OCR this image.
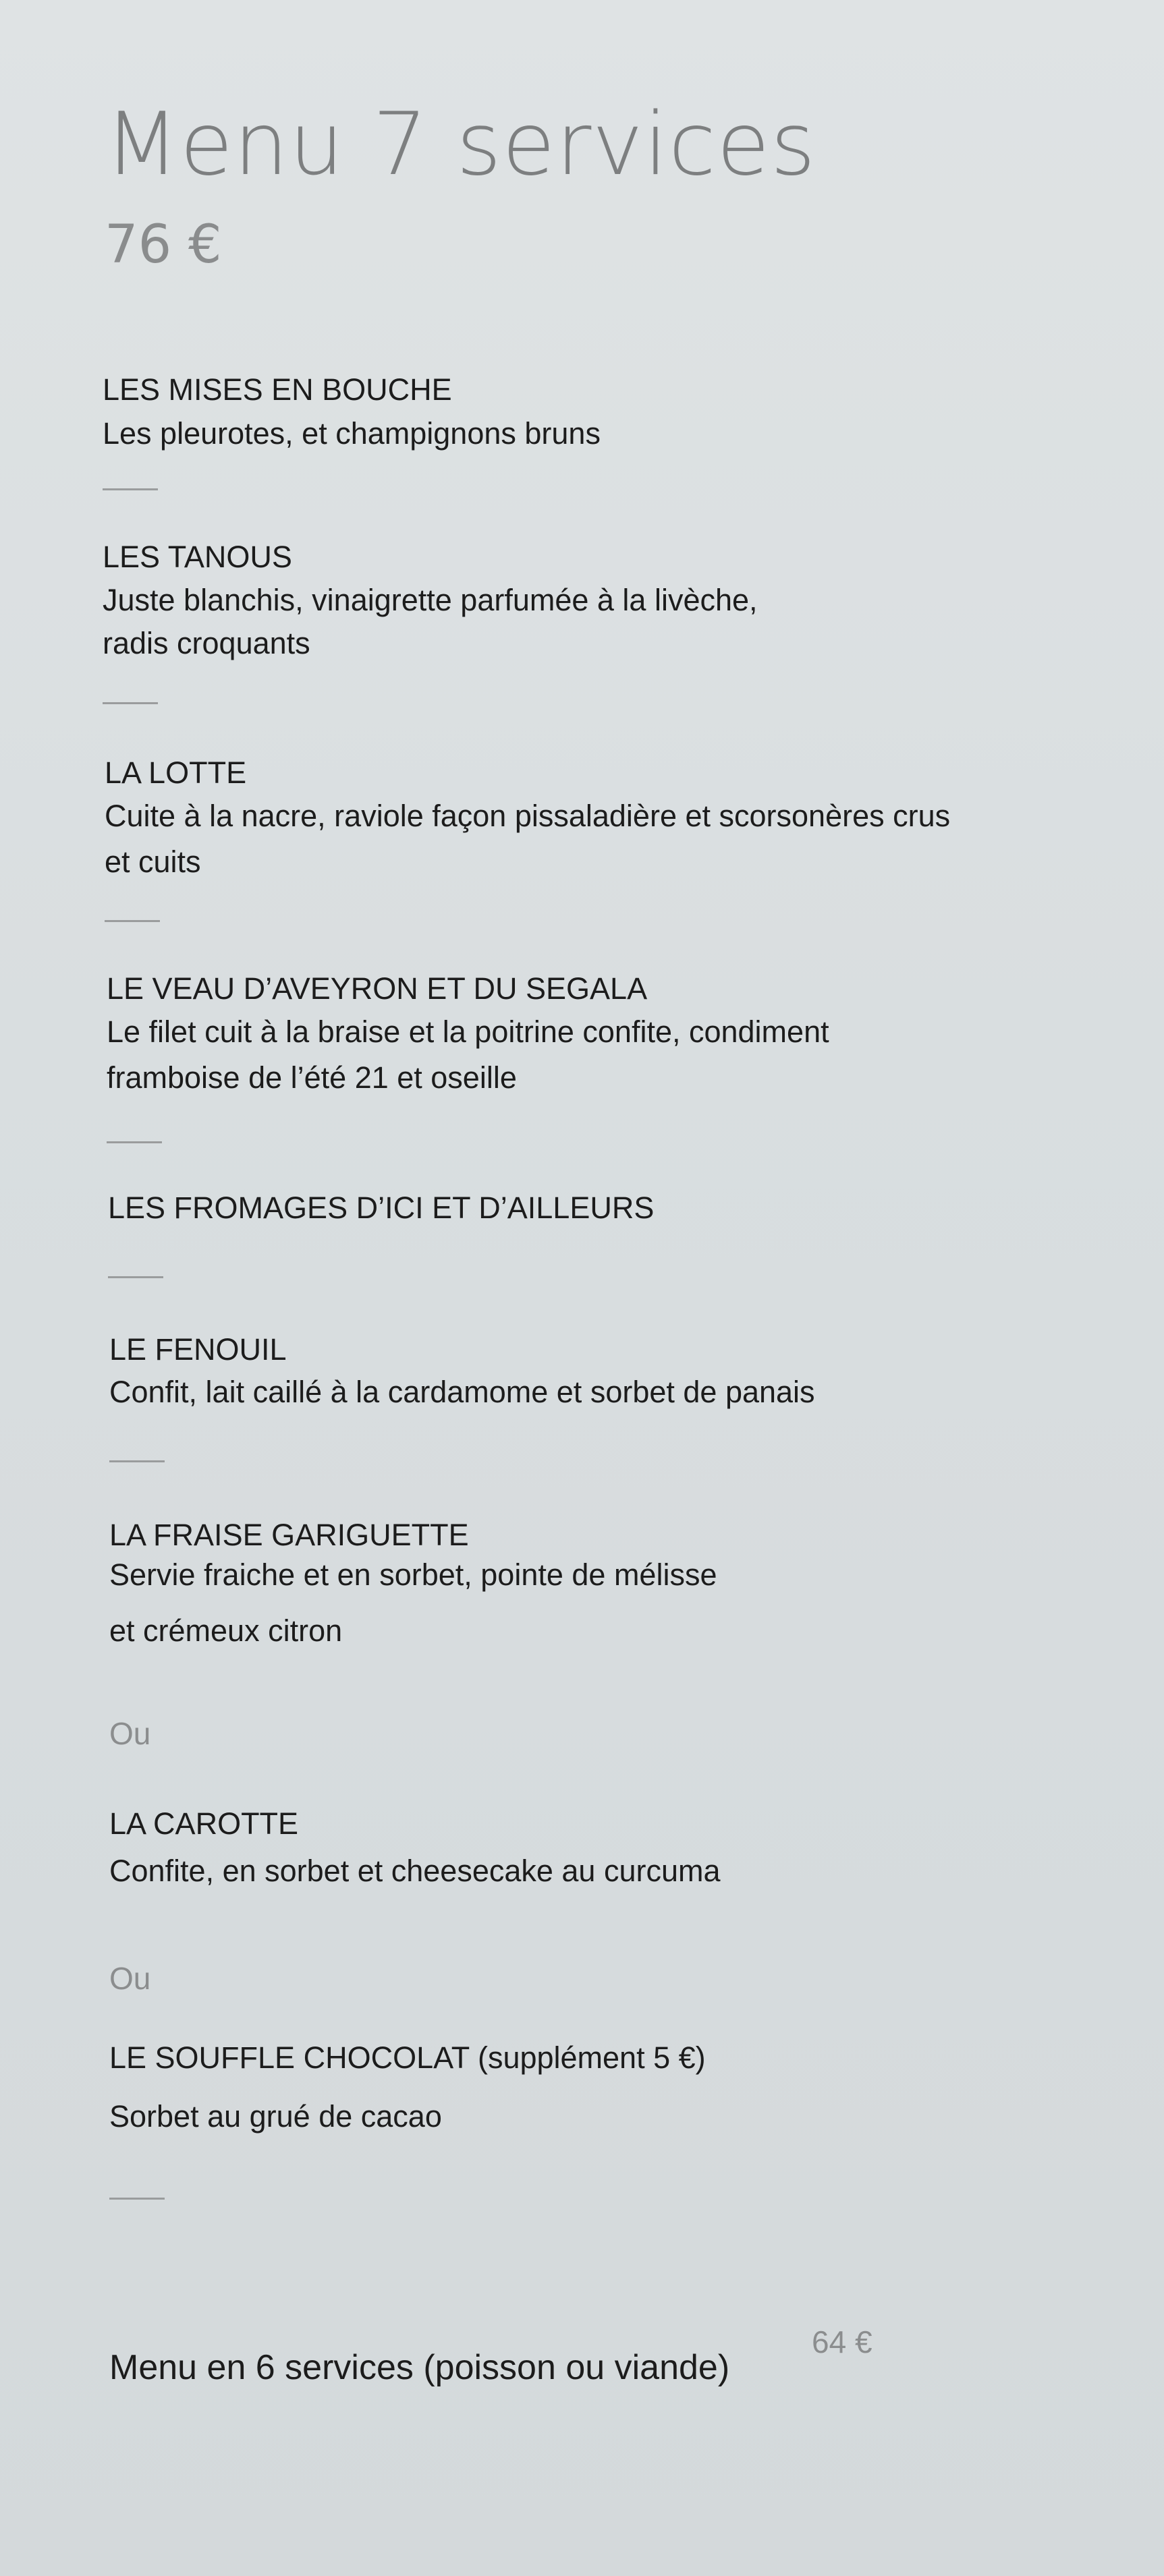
Menu 7 services
76 €
LES MISES EN BOUCHE
Les pleurotes, et champignons bruns
LES TANOUS
Juste blanchis, vinaigrette parfumée à la livèche,
radis croquants
LA LOTTE
Cuite à la nacre, raviole façon pissaladière et scorsonères crus
et cuits
LE VEAU D’AVEYRON ET DU SEGALA
Le filet cuit à la braise et la poitrine confite, condiment
framboise de l’été 21 et oseille
LES FROMAGES D’ICI ET D’AILLEURS
LE FENOUIL
Confit, lait caillé à la cardamome et sorbet de panais
LA FRAISE GARIGUETTE
Servie fraiche et en sorbet, pointe de mélisse
et crémeux citron
Ou
LA CAROTTE
Confite, en sorbet et cheesecake au curcuma
Ou
LE SOUFFLE CHOCOLAT (supplément 5 €)
Sorbet au grué de cacao
Menu en 6 services (poisson ou viande)
64 €
